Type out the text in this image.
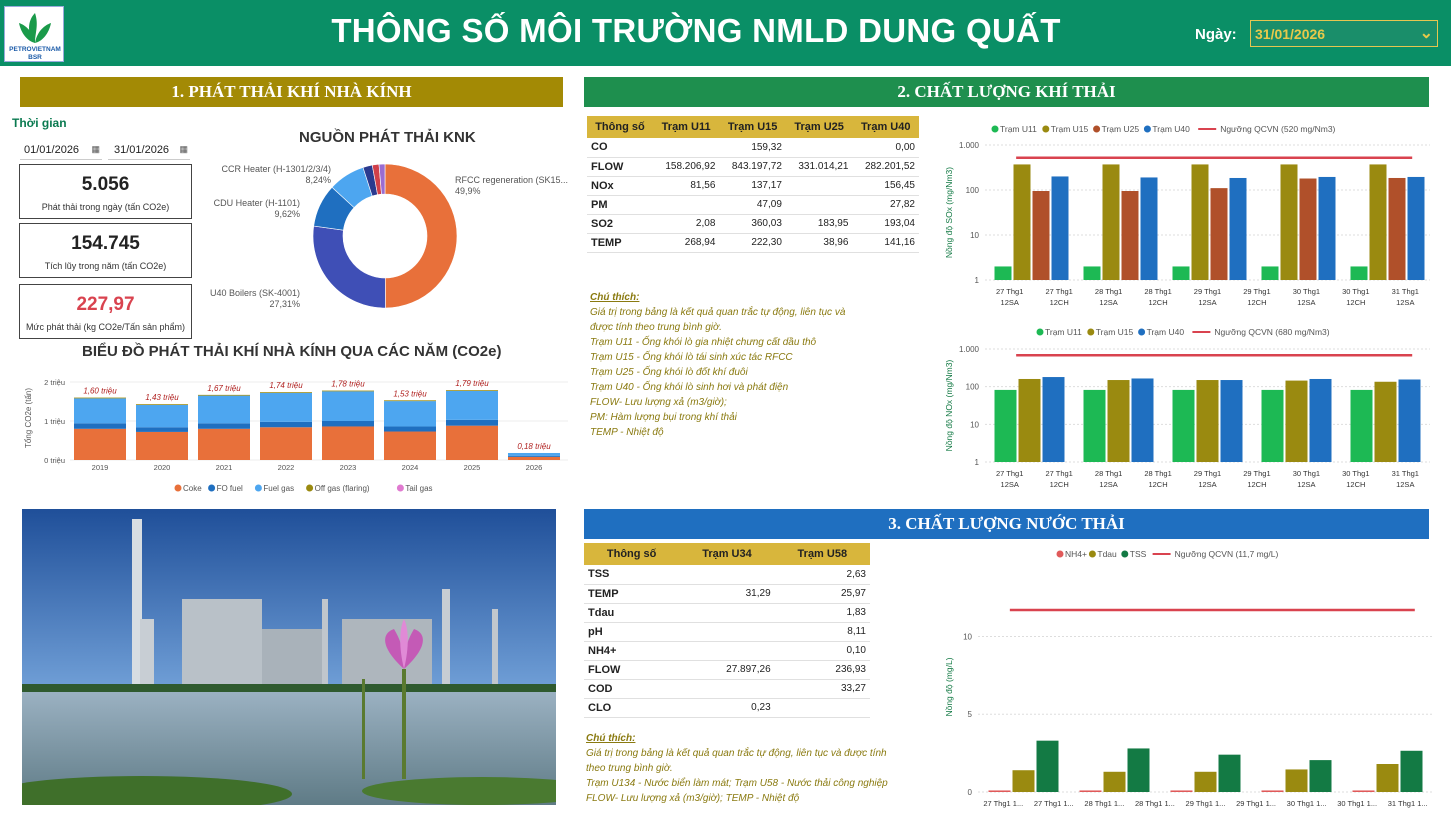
PETROVIETNAM
BSR
THÔNG SỐ MÔI TRƯỜNG NMLD DUNG QUẤT	Ngày:	31/01/2026	⌄
1. PHÁT THẢI KHÍ NHÀ KÍNH
Thời gian
01/01/2026 ▦	31/01/2026 ▦
5.056
Phát thải trong ngày (tấn CO2e)
154.745
Tích lũy trong năm (tấn CO2e)
227,97
Mức phát thải (kg CO2e/Tấn sản phẩm)
NGUỒN PHÁT THẢI KNK
RFCC regeneration (SK15...
49,9%
U40 Boilers (SK-4001)
27,31%
CDU Heater (H-1101)
9,62%
CCR Heater (H-1301/2/3/4)
8,24%
BIỂU ĐỒ PHÁT THẢI KHÍ NHÀ KÍNH QUA CÁC NĂM (CO2e)
Tổng CO2e (tấn)
0 triệu
1 triệu
2 triệu
1,60 triệu
2019
1,43 triệu
2020
1,67 triệu
2021
1,74 triệu
2022
1,78 triệu
2023
1,53 triệu
2024
1,79 triệu
2025
0,18 triệu
2026
Coke FO fuel	Fuel gas	Off gas (flaring)	Tail gas
2. CHẤT LƯỢNG KHÍ THẢI
Thông số	Trạm U11	Trạm U15	Trạm U25	Trạm U40
CO		159,32		0,00
FLOW	158.206,92	843.197,72	331.014,21	282.201,52
NOx	81,56	137,17		156,45
PM		47,09		27,82
SO2	2,08	360,03	183,95	193,04
TEMP	268,94	222,30	38,96	141,16
Chú thích:
Giá trị trong bảng là kết quả quan trắc tự động, liên tục và
được tính theo trung bình giờ.
Trạm U11 - Ống khói lò gia nhiệt chưng cất dầu thô
Trạm U15 - Ống khói lò tái sinh xúc tác RFCC
Trạm U25 - Ống khói lò đốt khí đuôi
Trạm U40 - Ống khói lò sinh hơi và phát điện
FLOW- Lưu lượng xả (m3/giờ);
PM: Hàm lượng bụi trong khí thải
TEMP - Nhiệt độ
Nồng độ SOx (mg/Nm3)
1
10
100
1.000
27 Thg1
12SA
27 Thg1
12CH
28 Thg1
12SA
28 Thg1
12CH
29 Thg1
12SA
29 Thg1
12CH
30 Thg1
12SA
30 Thg1
12CH
31 Thg1
12SA
Trạm U11 Trạm U15 Trạm U25 Trạm U40	Ngưỡng QCVN (520 mg/Nm3)
Nồng độ NOx (mg/Nm3)
1
10
100
1.000
27 Thg1
12SA
27 Thg1
12CH
28 Thg1
12SA
28 Thg1
12CH
29 Thg1
12SA
29 Thg1
12CH
30 Thg1
12SA
30 Thg1
12CH
31 Thg1
12SA
Trạm U11 Trạm U15 Trạm U40	Ngưỡng QCVN (680 mg/Nm3)
3. CHẤT LƯỢNG NƯỚC THẢI
Thông số	Trạm U34	Trạm U58
TSS		2,63
TEMP	31,29	25,97
Tdau		1,83
pH		8,11
NH4+		0,10
FLOW	27.897,26	236,93
COD		33,27
CLO	0,23	
Chú thích:
Giá trị trong bảng là kết quả quan trắc tự động, liên tục và được tính
theo trung bình giờ.
Trạm U134 - Nước biển làm mát; Trạm U58 - Nước thải công nghiệp
FLOW- Lưu lượng xả (m3/giờ); TEMP - Nhiệt độ
Nồng độ (mg/L)
0
5
10
27 Thg1 1... 27 Thg1 1... 28 Thg1 1... 28 Thg1 1... 29 Thg1 1... 29 Thg1 1... 30 Thg1 1... 30 Thg1 1... 31 Thg1 1...
NH4+ Tdau TSS	Ngưỡng QCVN (11,7 mg/L)
